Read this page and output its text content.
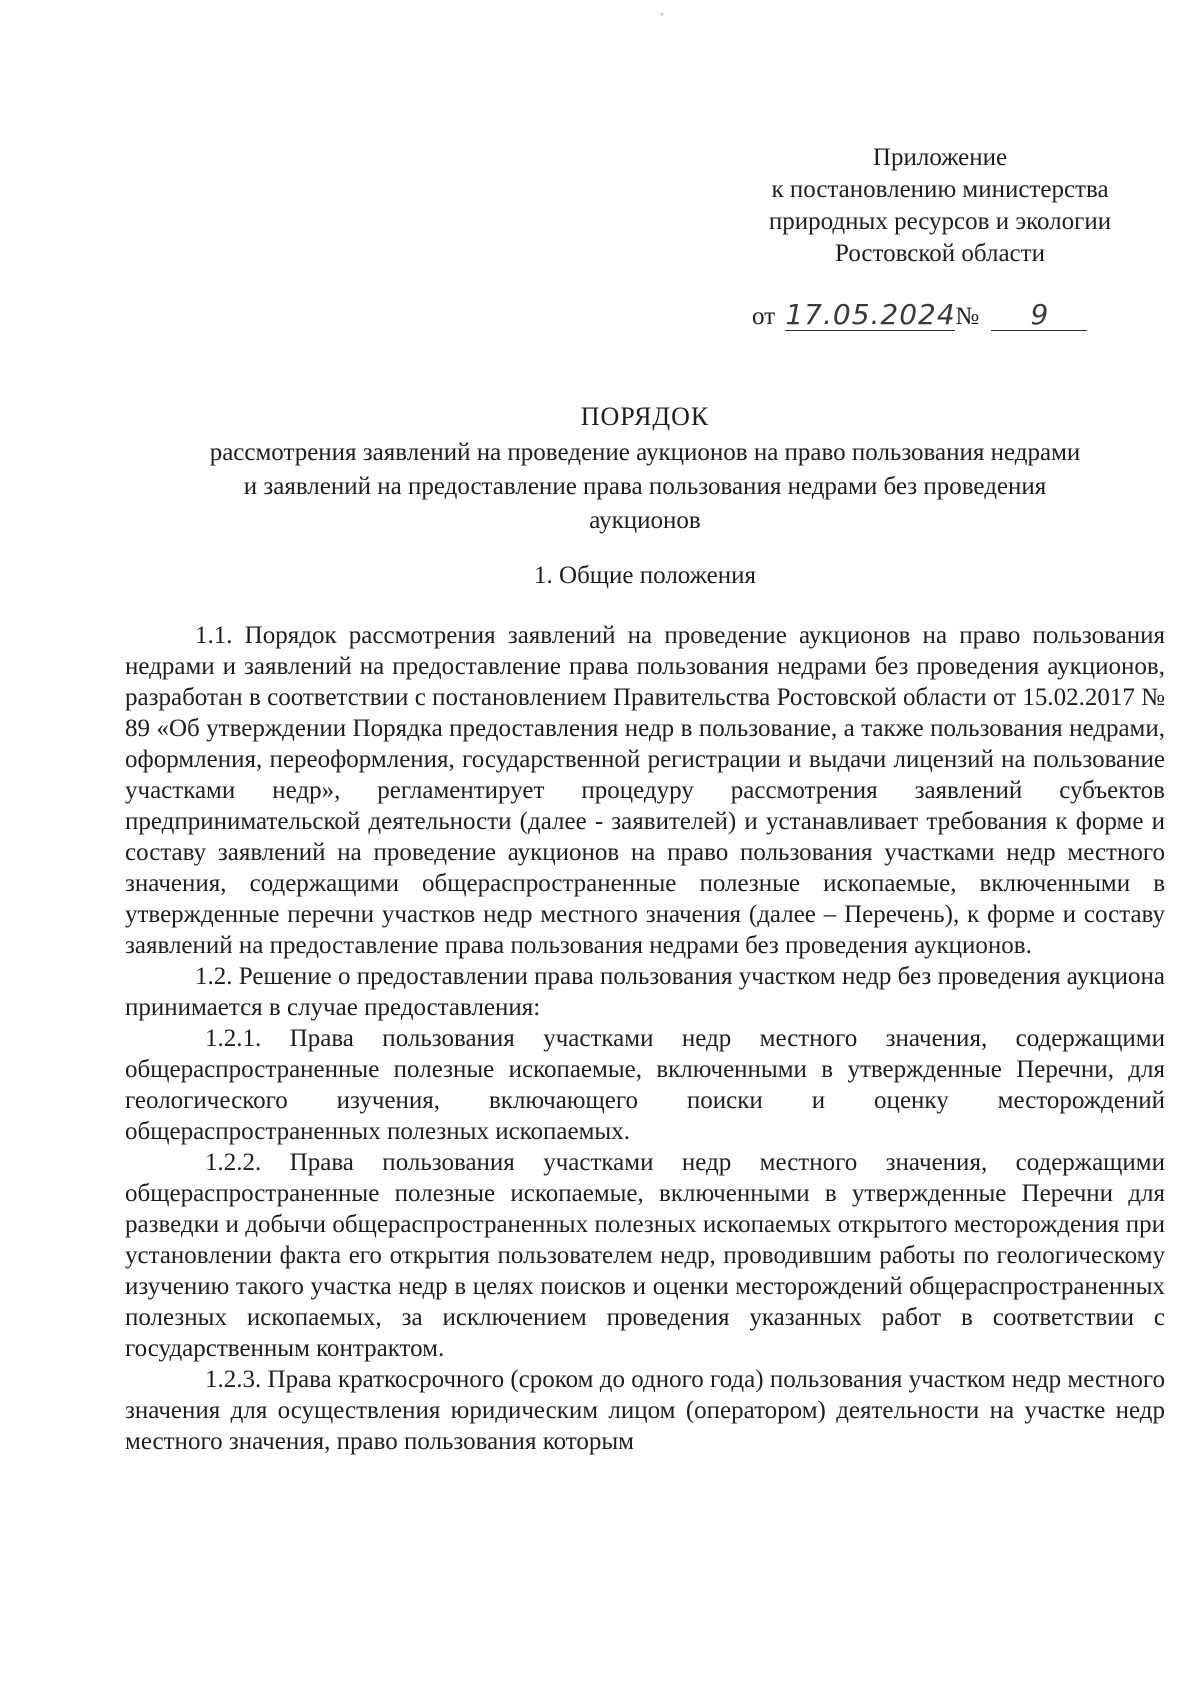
"
Приложение
к постановлению министерства
природных ресурсов и экологии
Ростовской области
от 17.05.2024№ 9
ПОРЯДОК
рассмотрения заявлений на проведение аукционов на право пользования недрами
и заявлений на предоставление права пользования недрами без проведения
аукционов
1. Общие положения

1.1. Порядок рассмотрения заявлений на проведение аукционов на право пользования недрами и заявлений на предоставление права пользования недрами без проведения аукционов, разработан в соответствии с постановлением Правительства Ростовской области от 15.02.2017 № 89 «Об утверждении Порядка предоставления недр в пользование, а также пользования недрами, оформления, переоформления, государственной регистрации и выдачи лицензий на пользование участками недр», регламентирует процедуру рассмотрения заявлений субъектов предпринимательской деятельности (далее - заявителей) и устанавливает требования к форме и составу заявлений на проведение аукционов на право пользования участками недр местного значения, содержащими общераспространенные полезные ископаемые, включенными в утвержденные перечни участков недр местного значения (далее – Перечень), к форме и составу заявлений на предоставление права пользования недрами без проведения аукционов.

1.2. Решение о предоставлении права пользования участком недр без проведения аукциона принимается в случае предоставления:

1.2.1. Права пользования участками недр местного значения, содержащими общераспространенные полезные ископаемые, включенными в утвержденные Перечни, для геологического изучения, включающего поиски и оценку месторождений общераспространенных полезных ископаемых.

1.2.2. Права пользования участками недр местного значения, содержащими общераспространенные полезные ископаемые, включенными в утвержденные Перечни для разведки и добычи общераспространенных полезных ископаемых открытого месторождения при установлении факта его открытия пользователем недр, проводившим работы по геологическому изучению такого участка недр в целях поисков и оценки месторождений общераспространенных полезных ископаемых, за исключением проведения указанных работ в соответствии с государственным контрактом.

1.2.3. Права краткосрочного (сроком до одного года) пользования участком недр местного значения для осуществления юридическим лицом (оператором) деятельности на участке недр местного значения, право пользования которым
